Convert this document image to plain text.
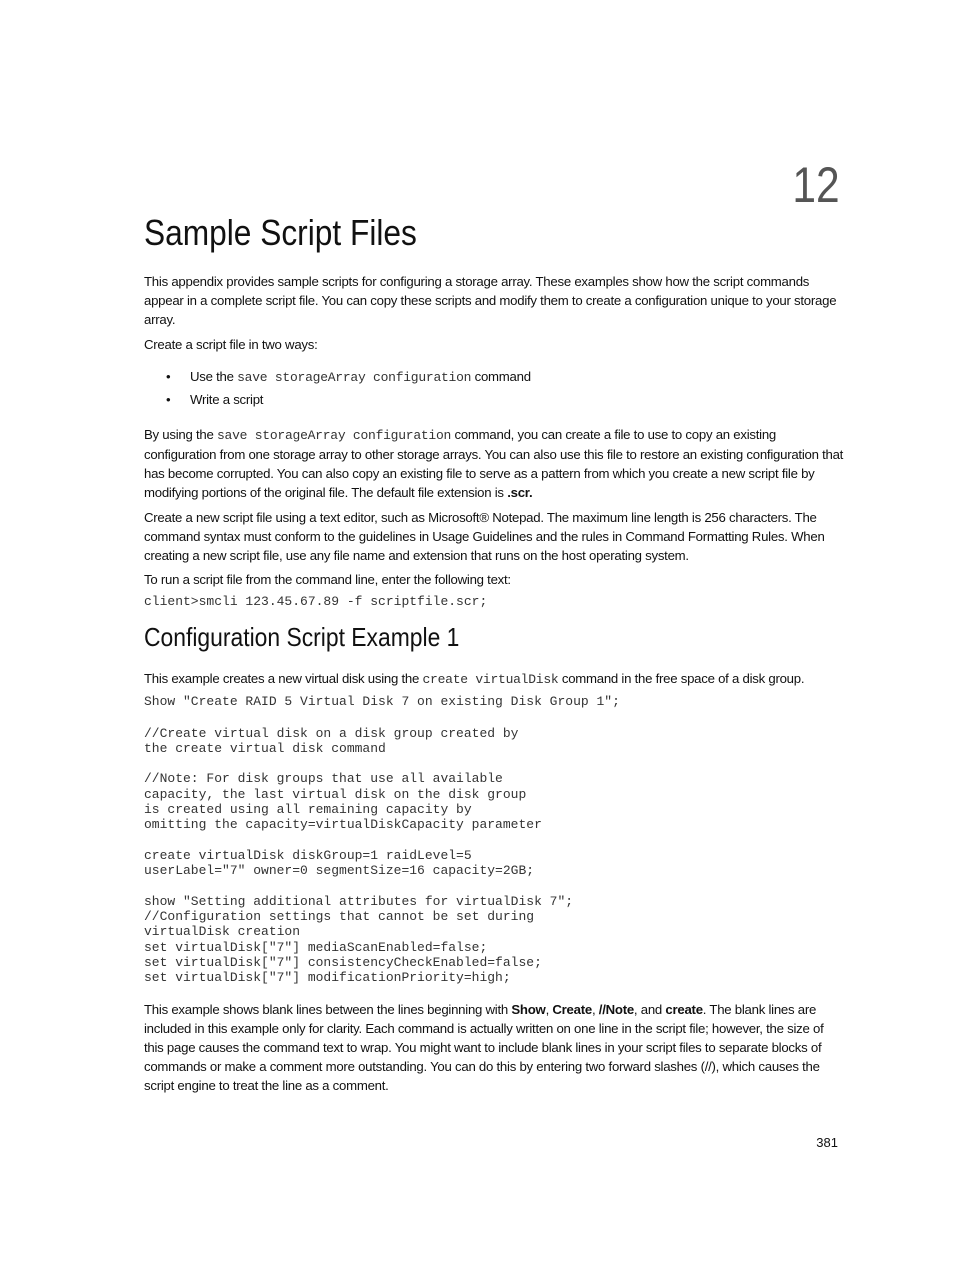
12
Sample Script Files

This appendix provides sample scripts for configuring a storage array. These examples show how the script commands appear in a complete script file. You can copy these scripts and modify them to create a configuration unique to your storage array.

Create a script file in two ways:

• Use the save storageArray configuration command
• Write a script

By using the save storageArray configuration command, you can create a file to use to copy an existing configuration from one storage array to other storage arrays. You can also use this file to restore an existing configuration that has become corrupted. You can also copy an existing file to serve as a pattern from which you create a new script file by modifying portions of the original file. The default file extension is .scr.

Create a new script file using a text editor, such as Microsoft® Notepad. The maximum line length is 256 characters. The command syntax must conform to the guidelines in Usage Guidelines and the rules in Command Formatting Rules. When creating a new script file, use any file name and extension that runs on the host operating system.

To run a script file from the command line, enter the following text:

client>smcli 123.45.67.89 -f scriptfile.scr;
Configuration Script Example 1

This example creates a new virtual disk using the create virtualDisk command in the free space of a disk group.

Show "Create RAID 5 Virtual Disk 7 on existing Disk Group 1";
//Create virtual disk on a disk group created by
the create virtual disk command

//Note: For disk groups that use all available
capacity, the last virtual disk on the disk group
is created using all remaining capacity by
omitting the capacity=virtualDiskCapacity parameter

create virtualDisk diskGroup=1 raidLevel=5
userLabel="7" owner=0 segmentSize=16 capacity=2GB;

show "Setting additional attributes for virtualDisk 7";
//Configuration settings that cannot be set during
virtualDisk creation
set virtualDisk["7"] mediaScanEnabled=false;
set virtualDisk["7"] consistencyCheckEnabled=false;
set virtualDisk["7"] modificationPriority=high;

This example shows blank lines between the lines beginning with Show, Create, //Note, and create. The blank lines are included in this example only for clarity. Each command is actually written on one line in the script file; however, the size of this page causes the command text to wrap. You might want to include blank lines in your script files to separate blocks of commands or make a comment more outstanding. You can do this by entering two forward slashes (//), which causes the script engine to treat the line as a comment.

381
